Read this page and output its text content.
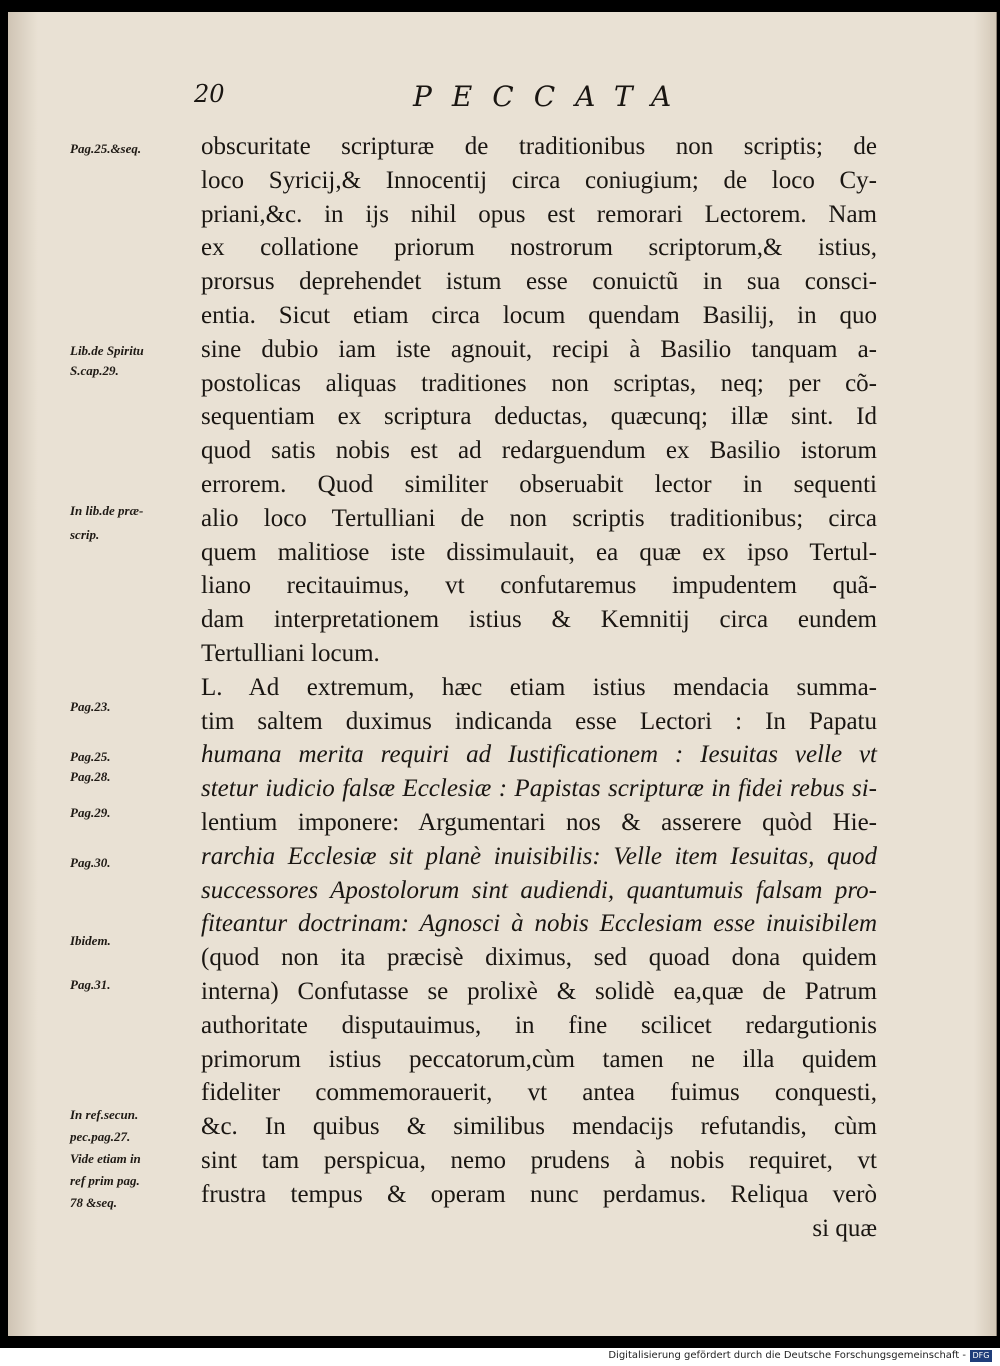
20	PECCATA
obscuritate scripturæ de traditionibus non scriptis; de
loco Syricij,& Innocentij circa coniugium; de loco Cy-
priani,&c. in ijs nihil opus est remorari Lectorem. Nam
ex collatione priorum nostrorum scriptorum,& istius,
prorsus deprehendet istum esse conuictũ in sua consci-
entia. Sicut etiam circa locum quendam Basilij, in quo
sine dubio iam iste agnouit, recipi à Basilio tanquam a-
postolicas aliquas traditiones non scriptas, neq; per cõ-
sequentiam ex scriptura deductas, quæcunq; illæ sint. Id
quod satis nobis est ad redarguendum ex Basilio istorum
errorem. Quod similiter obseruabit lector in sequenti
alio loco Tertulliani de non scriptis traditionibus; circa
quem malitiose iste dissimulauit, ea quæ ex ipso Tertul-
liano recitauimus, vt confutaremus impudentem quã-
dam interpretationem istius & Kemnitij circa eundem
Tertulliani locum.
L. Ad extremum, hæc etiam istius mendacia summa-
tim saltem duximus indicanda esse Lectori : In Papatu
humana merita requiri ad Iustificationem : Iesuitas velle vt
stetur iudicio falsæ Ecclesiæ : Papistas scripturæ in fidei rebus si-
lentium imponere: Argumentari nos & asserere quòd Hie-
rarchia Ecclesiæ sit planè inuisibilis: Velle item Iesuitas, quod
successores Apostolorum sint audiendi, quantumuis falsam pro-
fiteantur doctrinam: Agnosci à nobis Ecclesiam esse inuisibilem
(quod non ita præcisè diximus, sed quoad dona quidem
interna) Confutasse se prolixè & solidè ea,quæ de Patrum
authoritate disputauimus, in fine scilicet redargutionis
primorum istius peccatorum,cùm tamen ne illa quidem
fideliter commemorauerit, vt antea fuimus conquesti,
&c. In quibus & similibus mendacijs refutandis, cùm
sint tam perspicua, nemo prudens à nobis requiret, vt
frustra tempus & operam nunc perdamus. Reliqua verò
si quæ
Pag.25.&seq.
Lib.de Spiritu
S.cap.29.
In lib.de præ-
scrip.
Pag.23.
Pag.25.
Pag.28.
Pag.29.
Pag.30.
Ibidem.
Pag.31.
In ref.secun.
pec.pag.27.
Vide etiam in
ref prim pag.
78 &seq.
Digitalisierung gefördert durch die Deutsche Forschungsgemeinschaft - DFG
